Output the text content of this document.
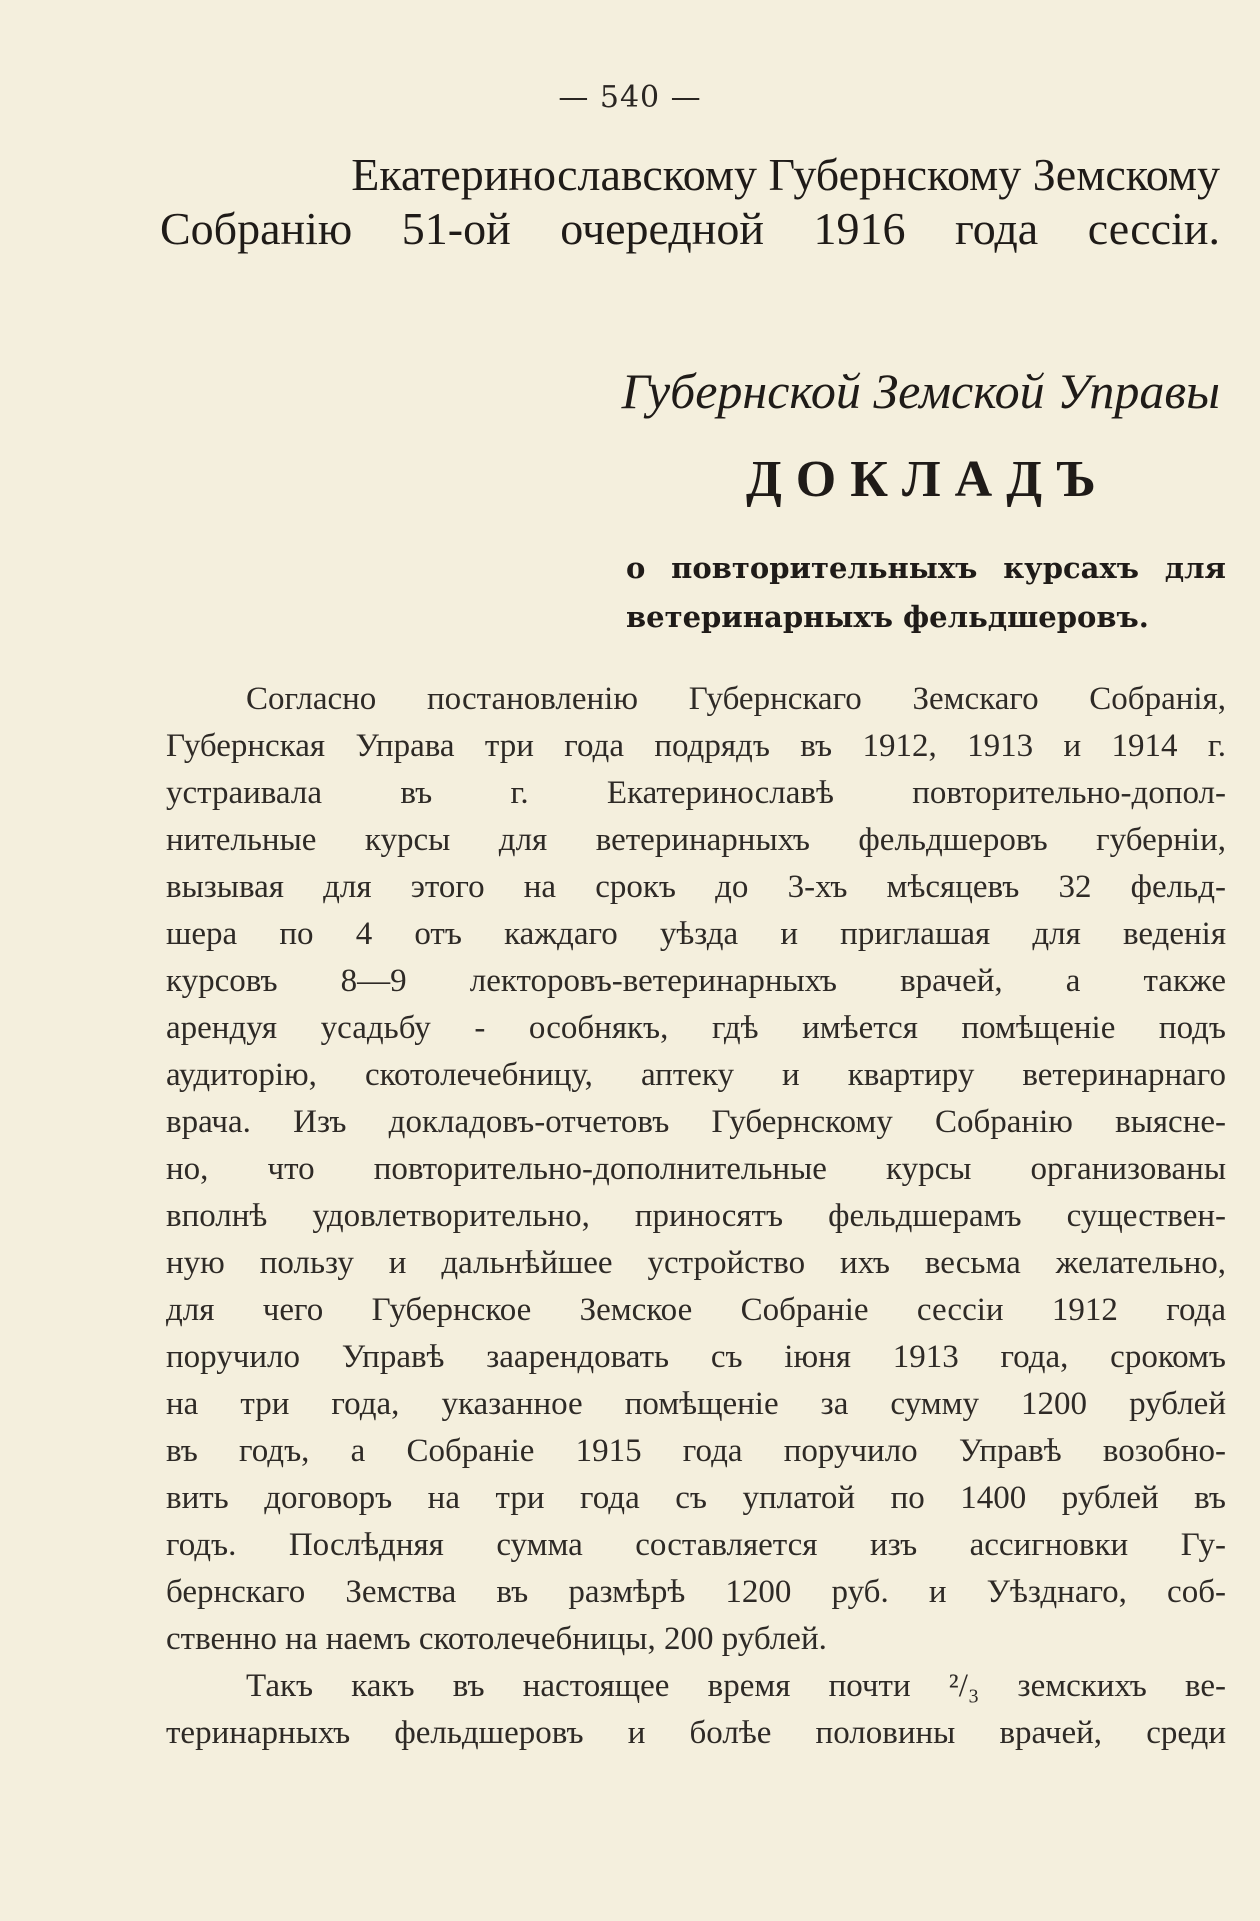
— 540 —
Екатеринославскому Губернскому Земскому
Собранію 51-ой очередной 1916 года сессіи.
Губернской Земской Управы
ДОКЛАДЪ
о повторительныхъ курсахъ для
ветеринарныхъ фельдшеровъ.
Согласно постановленію Губернскаго Земскаго Собранія,
Губернская Управа три года подрядъ въ 1912, 1913 и 1914 г.
устраивала въ г. Екатеринославѣ повторительно-допол-
нительные курсы для ветеринарныхъ фельдшеровъ губерніи,
вызывая для этого на срокъ до 3-хъ мѣсяцевъ 32 фельд-
шера по 4 отъ каждаго уѣзда и приглашая для веденія
курсовъ 8—9 лекторовъ-ветеринарныхъ врачей, а также
арендуя усадьбу - особнякъ, гдѣ имѣется помѣщеніе подъ
аудиторію, скотолечебницу, аптеку и квартиру ветеринарнаго
врача. Изъ докладовъ-отчетовъ Губернскому Собранію выясне-
но, что повторительно-дополнительные курсы организованы
вполнѣ удовлетворительно, приносятъ фельдшерамъ существен-
ную пользу и дальнѣйшее устройство ихъ весьма желательно,
для чего Губернское Земское Собраніе сессіи 1912 года
поручило Управѣ заарендовать съ іюня 1913 года, срокомъ
на три года, указанное помѣщеніе за сумму 1200 рублей
въ годъ, а Собраніе 1915 года поручило Управѣ возобно-
вить договоръ на три года съ уплатой по 1400 рублей въ
годъ. Послѣдняя сумма составляется изъ ассигновки Гу-
бернскаго Земства въ размѣрѣ 1200 руб. и Уѣзднаго, соб-
ственно на наемъ скотолечебницы, 200 рублей.
Такъ какъ въ настоящее время почти ²/₃ земскихъ ве-
теринарныхъ фельдшеровъ и болѣе половины врачей, среди
